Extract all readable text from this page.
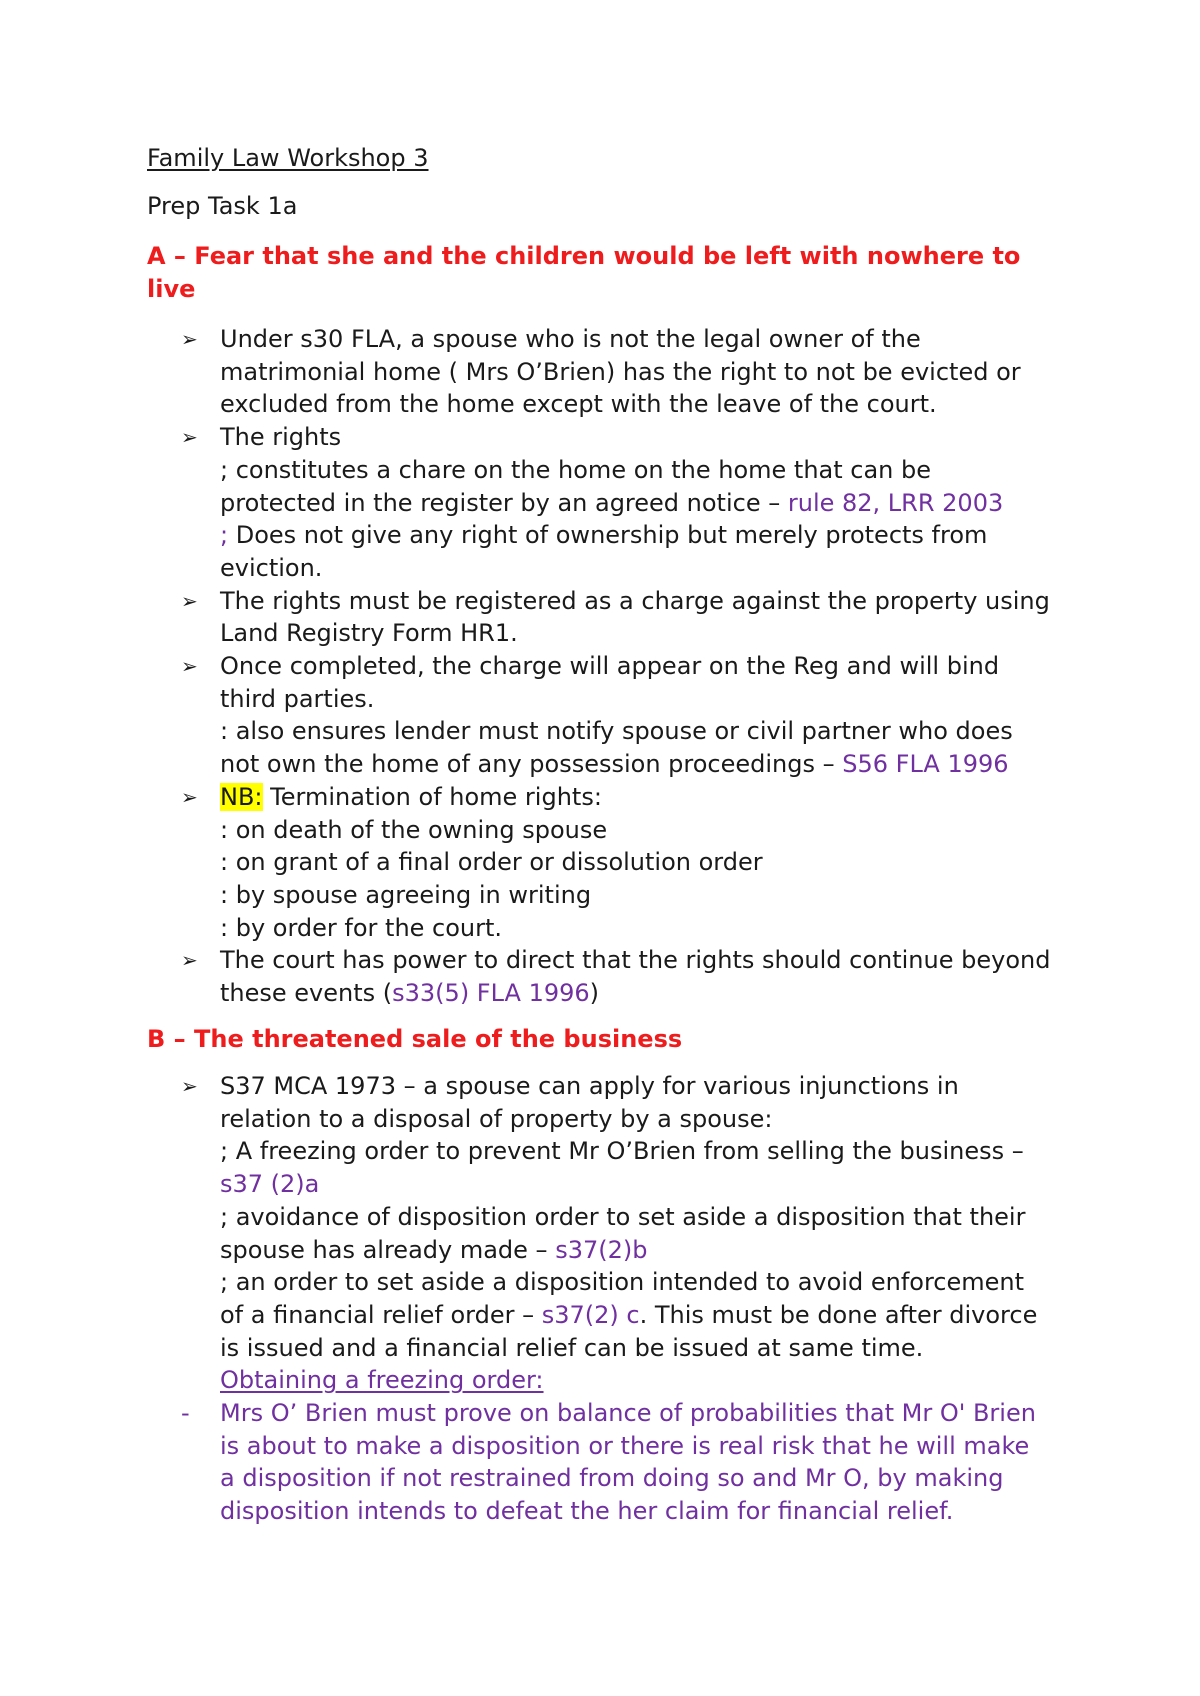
Family Law Workshop 3
Prep Task 1a
A – Fear that she and the children would be left with nowhere to
live
➢ Under s30 FLA, a spouse who is not the legal owner of the
matrimonial home ( Mrs O’Brien) has the right to not be evicted or
excluded from the home except with the leave of the court.
➢ The rights
; constitutes a chare on the home on the home that can be
protected in the register by an agreed notice – rule 82, LRR 2003
; Does not give any right of ownership but merely protects from
eviction.
➢ The rights must be registered as a charge against the property using
Land Registry Form HR1.
➢ Once completed, the charge will appear on the Reg and will bind
third parties.
: also ensures lender must notify spouse or civil partner who does
not own the home of any possession proceedings – S56 FLA 1996
➢ NB: Termination of home rights:
: on death of the owning spouse
: on grant of a final order or dissolution order
: by spouse agreeing in writing
: by order for the court.
➢ The court has power to direct that the rights should continue beyond
these events (s33(5) FLA 1996)
B – The threatened sale of the business
➢ S37 MCA 1973 – a spouse can apply for various injunctions in
relation to a disposal of property by a spouse:
; A freezing order to prevent Mr O’Brien from selling the business –
s37 (2)a
; avoidance of disposition order to set aside a disposition that their
spouse has already made – s37(2)b
; an order to set aside a disposition intended to avoid enforcement
of a financial relief order – s37(2) c. This must be done after divorce
is issued and a financial relief can be issued at same time.
Obtaining a freezing order:
- Mrs O’ Brien must prove on balance of probabilities that Mr O' Brien
is about to make a disposition or there is real risk that he will make
a disposition if not restrained from doing so and Mr O, by making
disposition intends to defeat the her claim for financial relief.
